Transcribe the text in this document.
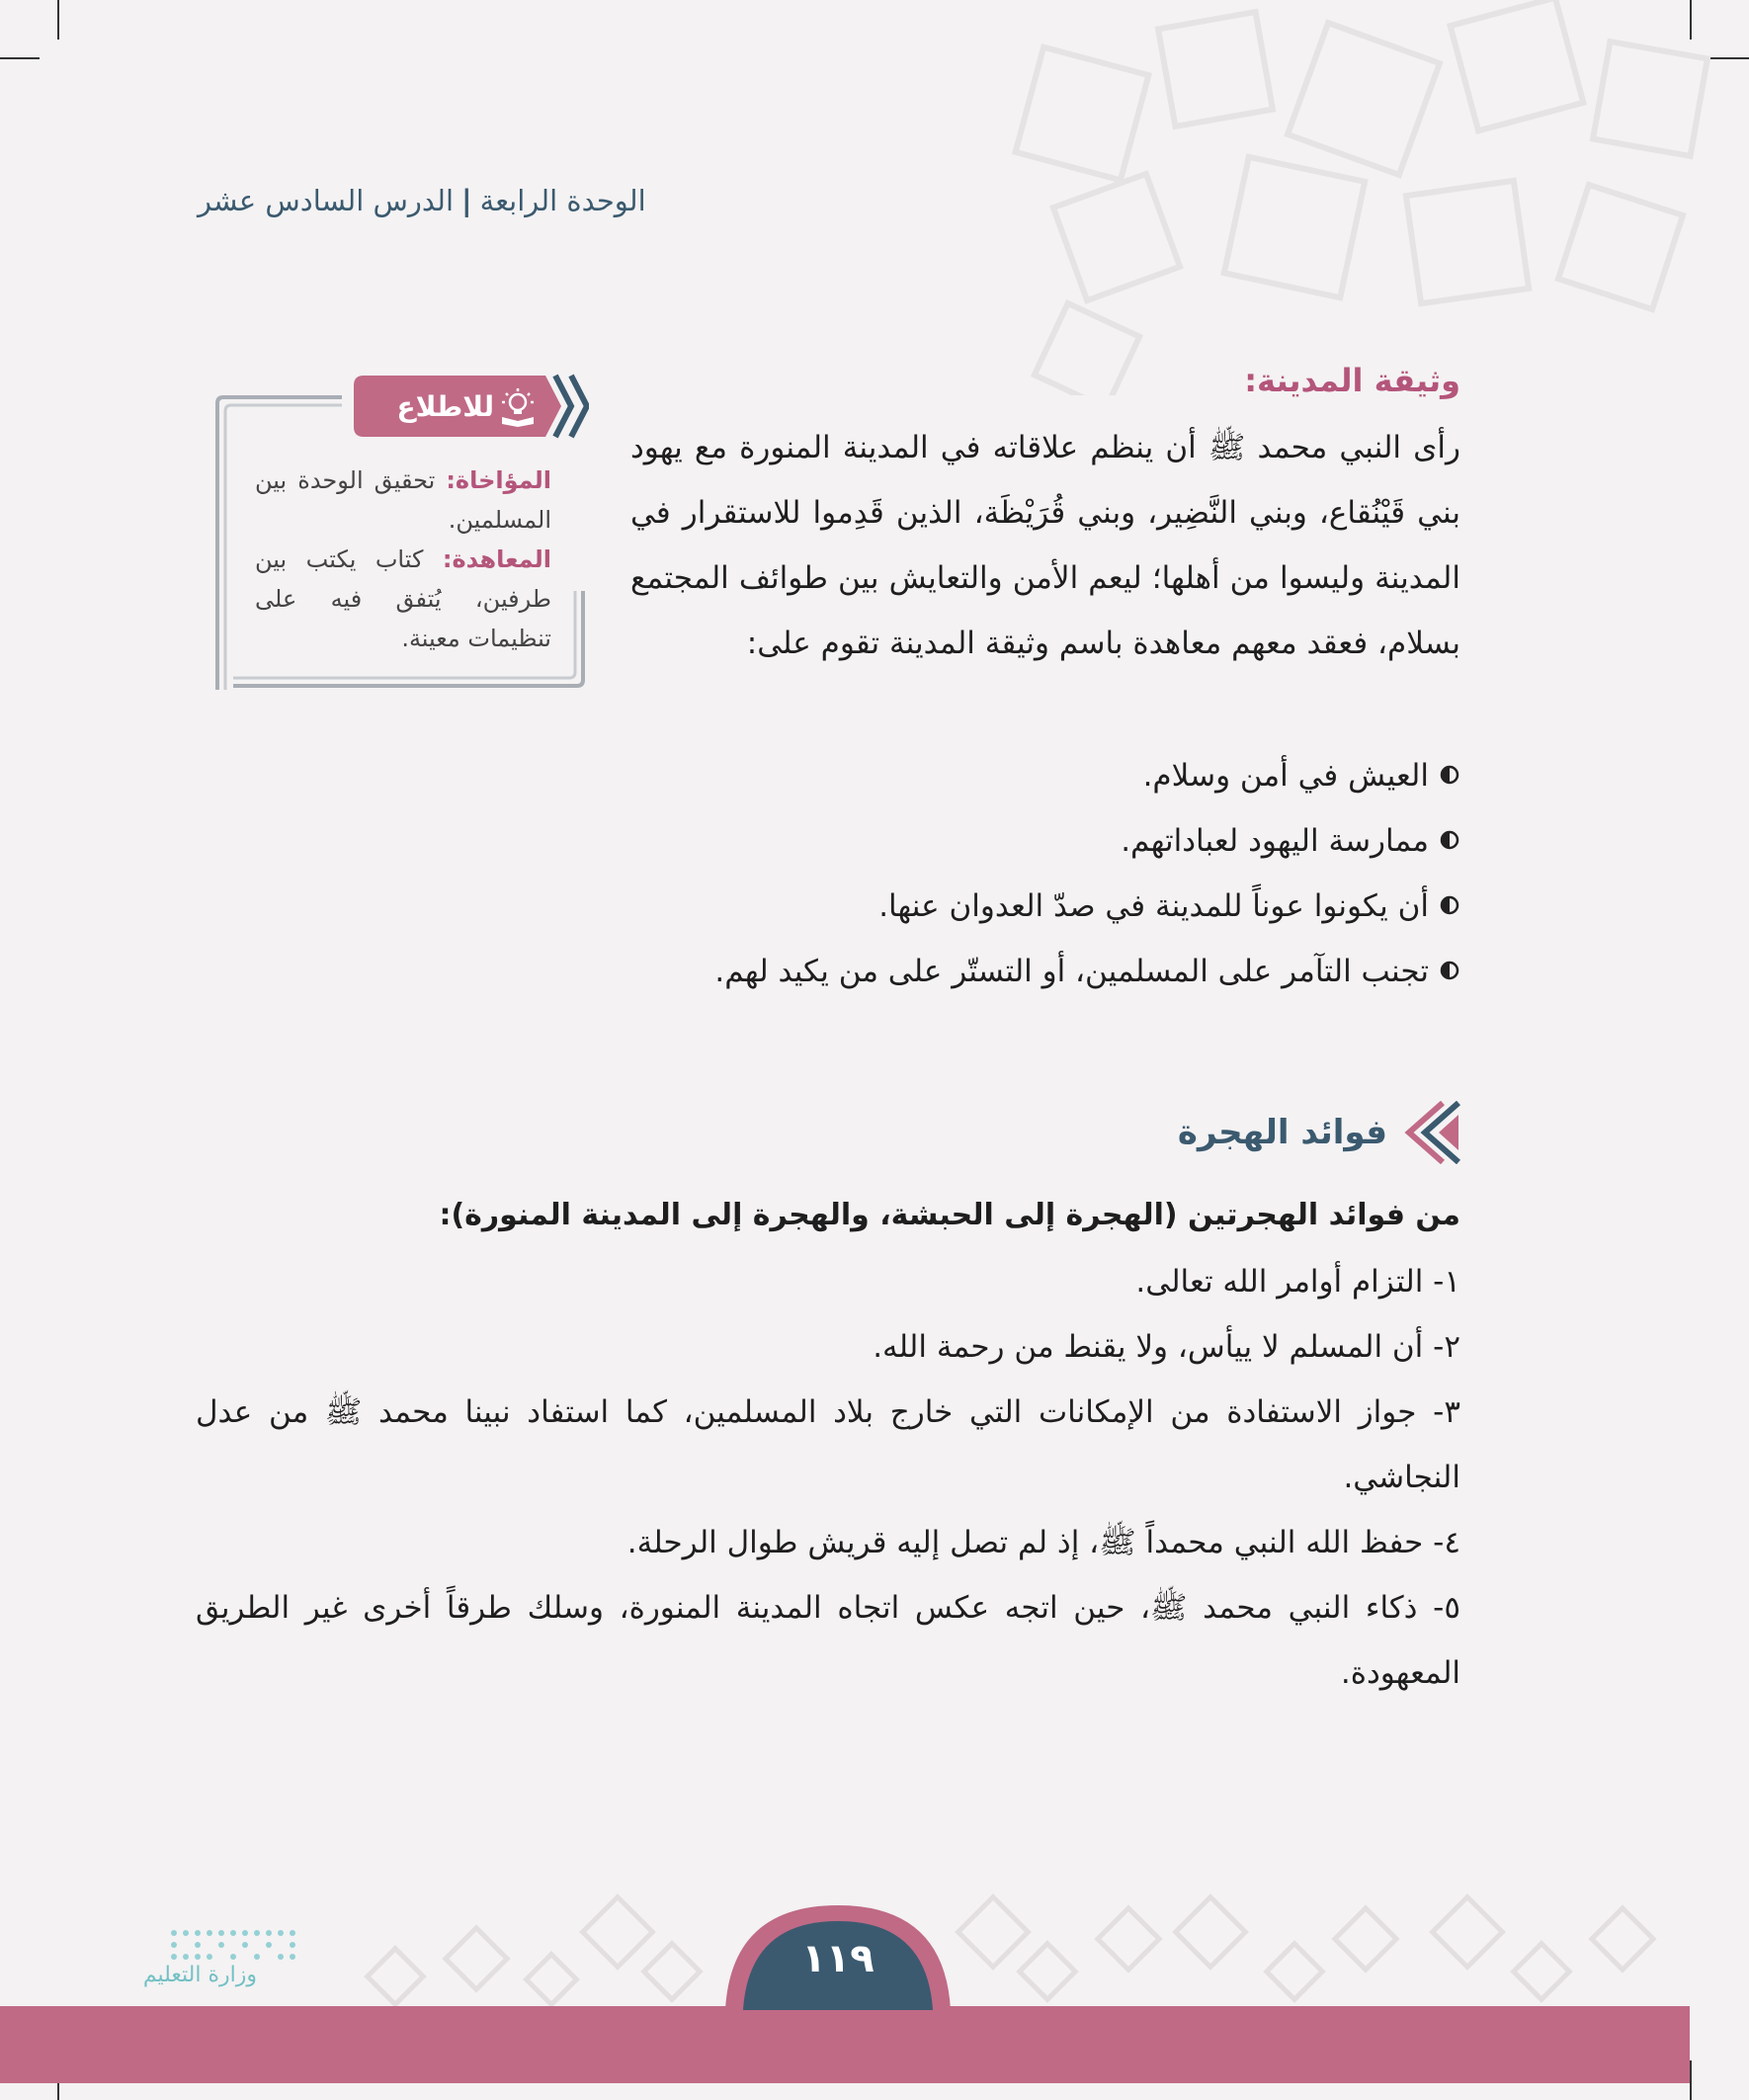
الوحدة الرابعة|الدرس السادس عشر
وثيقة المدينة:
رأى النبي محمد ﷺ أن ينظم علاقاته في المدينة المنورة مع يهود بني قَيْنُقاع، وبني النَّضِير، وبني قُرَيْظَة، الذين قَدِموا للاستقرار في المدينة وليسوا من أهلها؛ ليعم الأمن والتعايش بين طوائف المجتمع بسلام، فعقد معهم معاهدة باسم وثيقة المدينة تقوم على:
العيش في أمن وسلام.
ممارسة اليهود لعباداتهم.
أن يكونوا عوناً للمدينة في صدّ العدوان عنها.
تجنب التآمر على المسلمين، أو التستّر على من يكيد لهم.
للاطلاع
المؤاخاة: تحقيق الوحدة بين المسلمين.
المعاهدة: كتاب يكتب بين طرفين، يُتفق فيه على تنظيمات معينة.
فوائد الهجرة
من فوائد الهجرتين (الهجرة إلى الحبشة، والهجرة إلى المدينة المنورة):
١- التزام أوامر الله تعالى.
٢- أن المسلم لا ييأس، ولا يقنط من رحمة الله.
٣- جواز الاستفادة من الإمكانات التي خارج بلاد المسلمين، كما استفاد نبينا محمد ﷺ من عدل النجاشي.
٤- حفظ الله النبي محمداً ﷺ، إذ لم تصل إليه قريش طوال الرحلة.
٥- ذكاء النبي محمد ﷺ، حين اتجه عكس اتجاه المدينة المنورة، وسلك طرقاً أخرى غير الطريق المعهودة.
١١٩
وزارة التعليم
